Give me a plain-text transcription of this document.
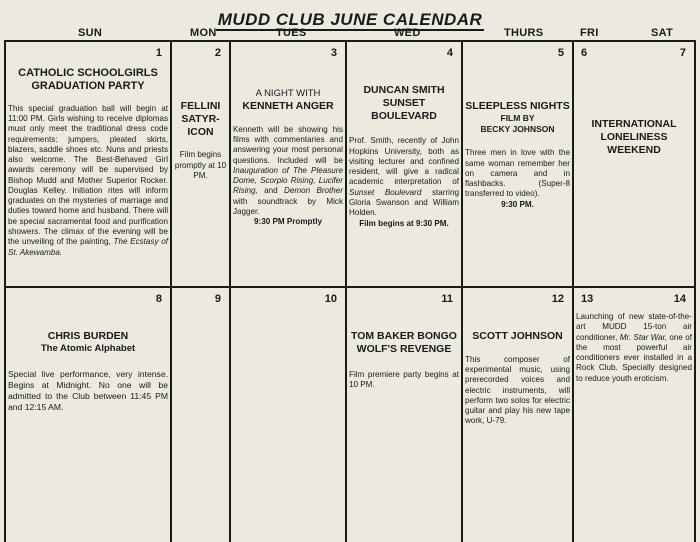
MUDD CLUB JUNE CALENDAR
SUN	MON	TUES	WED	THURS	FRI	SAT
1
CATHOLIC SCHOOLGIRLS GRADUATION PARTY
This special graduation ball will begin at 11:00 PM. Girls wishing to receive diplomas must only meet the traditional dress code requirements: jumpers, pleated skirts, blazers, saddle shoes etc. Nuns and priests also welcome. The Best-Behaved Girl awards ceremony will be supervised by Bishop Mudd and Mother Superior Rocker. Douglas Kelley. Initiation rites will inform graduates on the mysteries of marriage and duties toward home and husband. There will be special sacramental food and purification showers. The climax of the evening will be the unveiling of the painting, The Ecstasy of St. Akewamba.
2
FELLINI SATYR-ICON
Film begins promptly at 10 PM.
3
A NIGHT WITH
KENNETH ANGER
Kenneth will be showing his films with commentaries and answering your most personal questions. Included will be Inauguration of The Pleasure Dome, Scorpio Rising, Lucifer Rising, and Demon Brother with soundtrack by Mick Jagger.
9:30 PM Promptly
4
DUNCAN SMITH SUNSET BOULEVARD
Prof. Smith, recently of John Hopkins University, both as visiting lecturer and confined resident, will give a radical academic interpretation of Sunset Boulevard starring Gloria Swanson and William Holden.
Film begins at 9:30 PM.
5
SLEEPLESS NIGHTS
FILM BY
BECKY JOHNSON
Three men in love with the same woman remember her on camera and in flashbacks. (Super-8 transferred to video).
9:30 PM.
6	7
INTERNATIONAL LONELINESS WEEKEND
8
CHRIS BURDEN
The Atomic Alphabet
Special live performance, very intense. Begins at Midnight. No one will be admitted to the Club between 11:45 PM and 12:15 AM.
9	10	11
TOM BAKER BONGO WOLF'S REVENGE
Film premiere party begins at 10 PM.
12
SCOTT JOHNSON
This composer of experimental music, using prerecorded voices and electric instruments, will perform two solos for electric guitar and play his new tape work, U-79.
13	14
Launching of new state-of-the-art MUDD 15-ton air conditioner, Mr. Star War, one of the most powerful air conditioners ever installed in a Rock Club. Specially designed to reduce youth eroticism.
